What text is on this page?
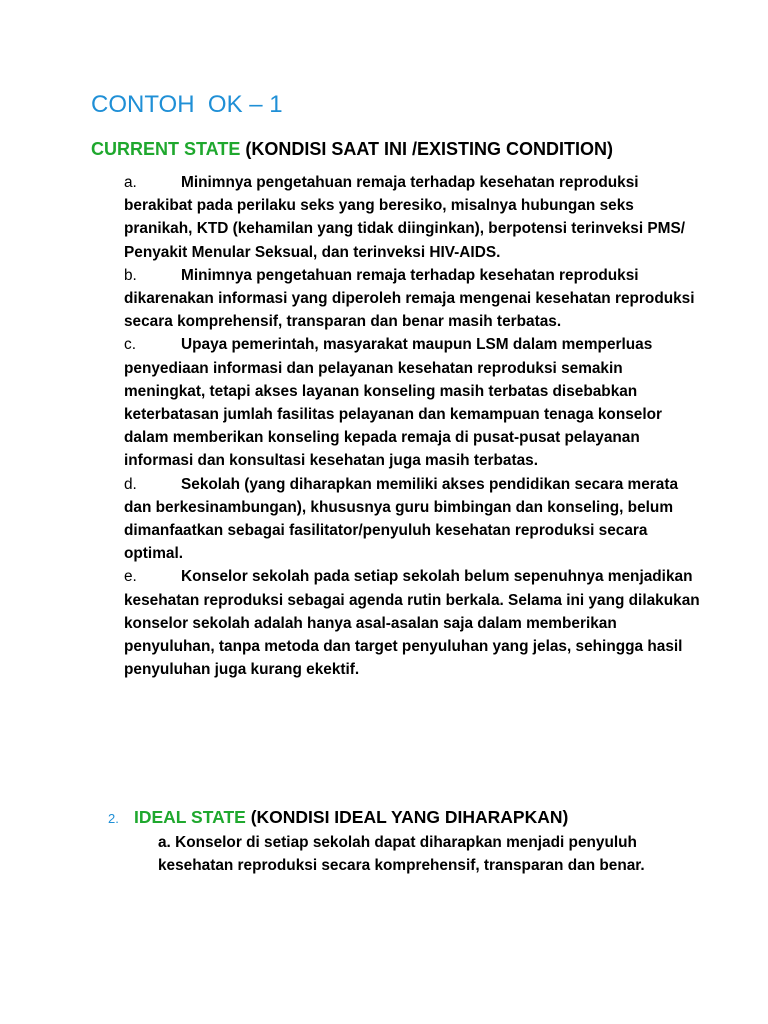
CONTOH  OK – 1
CURRENT STATE (KONDISI SAAT INI /EXISTING CONDITION)
a.	Minimnya pengetahuan remaja terhadap kesehatan reproduksi berakibat pada perilaku seks yang beresiko, misalnya hubungan seks pranikah, KTD (kehamilan yang tidak diinginkan), berpotensi terinveksi PMS/ Penyakit Menular Seksual, dan terinveksi HIV-AIDS.
b.	Minimnya pengetahuan remaja terhadap kesehatan reproduksi dikarenakan informasi yang diperoleh remaja mengenai kesehatan reproduksi secara komprehensif, transparan dan benar masih terbatas.
c.	Upaya pemerintah, masyarakat maupun LSM dalam memperluas penyediaan informasi dan pelayanan kesehatan reproduksi semakin meningkat, tetapi akses layanan konseling masih terbatas disebabkan keterbatasan jumlah fasilitas pelayanan dan kemampuan tenaga konselor dalam memberikan konseling kepada remaja di pusat-pusat pelayanan informasi dan konsultasi kesehatan juga masih terbatas.
d.	Sekolah (yang diharapkan memiliki akses pendidikan secara merata dan berkesinambungan), khususnya guru bimbingan dan konseling, belum dimanfaatkan sebagai fasilitator/penyuluh kesehatan reproduksi secara optimal.
e.	Konselor sekolah pada setiap sekolah belum sepenuhnya menjadikan kesehatan reproduksi sebagai agenda rutin berkala. Selama ini yang dilakukan konselor sekolah adalah hanya asal-asalan saja dalam memberikan penyuluhan, tanpa metoda dan target penyuluhan yang jelas, sehingga hasil penyuluhan juga kurang ekektif.
2. IDEAL STATE (KONDISI IDEAL YANG DIHARAPKAN)
a. Konselor di setiap sekolah dapat diharapkan menjadi penyuluh kesehatan reproduksi secara komprehensif, transparan dan benar.
